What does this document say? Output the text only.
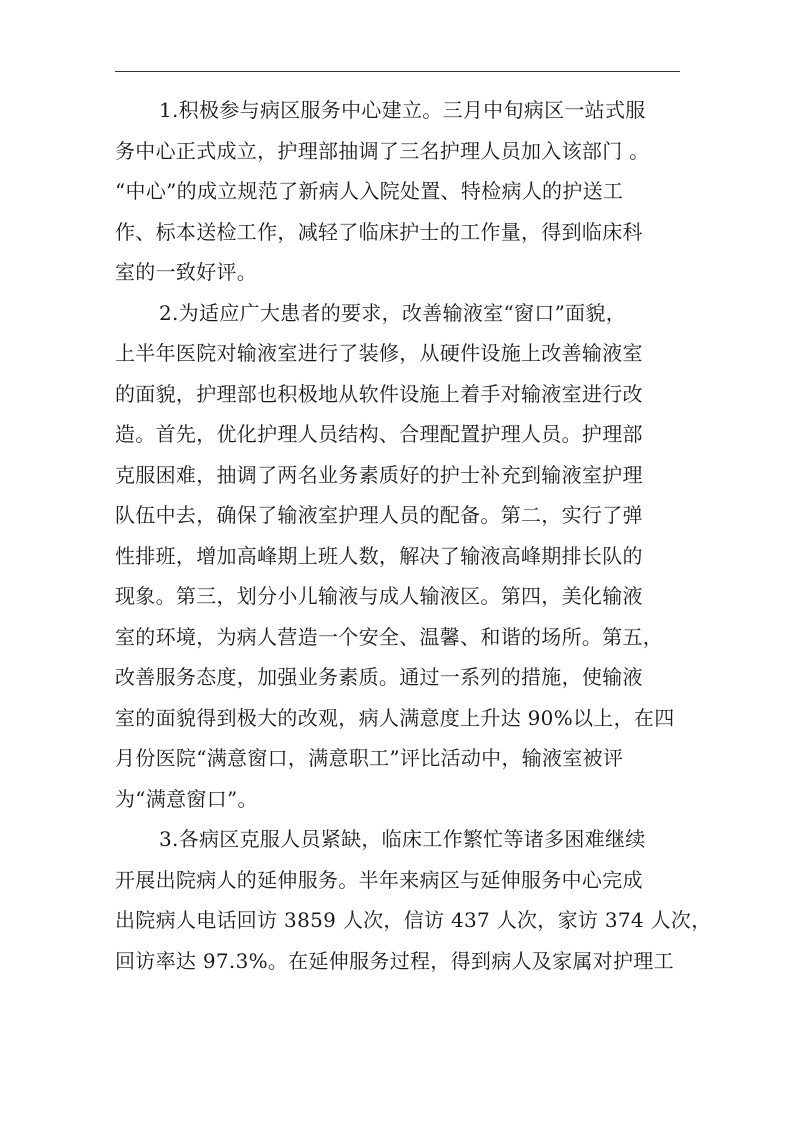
1.积极参与病区服务中心建立。三月中旬病区一站式服
务中心正式成立，护理部抽调了三名护理人员加入该部门 。
“中心”的成立规范了新病人入院处置、特检病人的护送工
作、标本送检工作，减轻了临床护士的工作量，得到临床科
室的一致好评。
2.为适应广大患者的要求，改善输液室“窗口”面貌，
上半年医院对输液室进行了装修，从硬件设施上改善输液室
的面貌，护理部也积极地从软件设施上着手对输液室进行改
造。首先，优化护理人员结构、合理配置护理人员。护理部
克服困难，抽调了两名业务素质好的护士补充到输液室护理
队伍中去，确保了输液室护理人员的配备。第二，实行了弹
性排班，增加高峰期上班人数，解决了输液高峰期排长队的
现象。第三，划分小儿输液与成人输液区。第四，美化输液
室的环境，为病人营造一个安全、温馨、和谐的场所。第五，
改善服务态度，加强业务素质。通过一系列的措施，使输液
室的面貌得到极大的改观，病人满意度上升达 90%以上，在四
月份医院“满意窗口，满意职工”评比活动中，输液室被评
为“满意窗口”。
3.各病区克服人员紧缺，临床工作繁忙等诸多困难继续
开展出院病人的延伸服务。半年来病区与延伸服务中心完成
出院病人电话回访 3859 人次，信访 437 人次，家访 374 人次，
回访率达 97.3%。在延伸服务过程，得到病人及家属对护理工
